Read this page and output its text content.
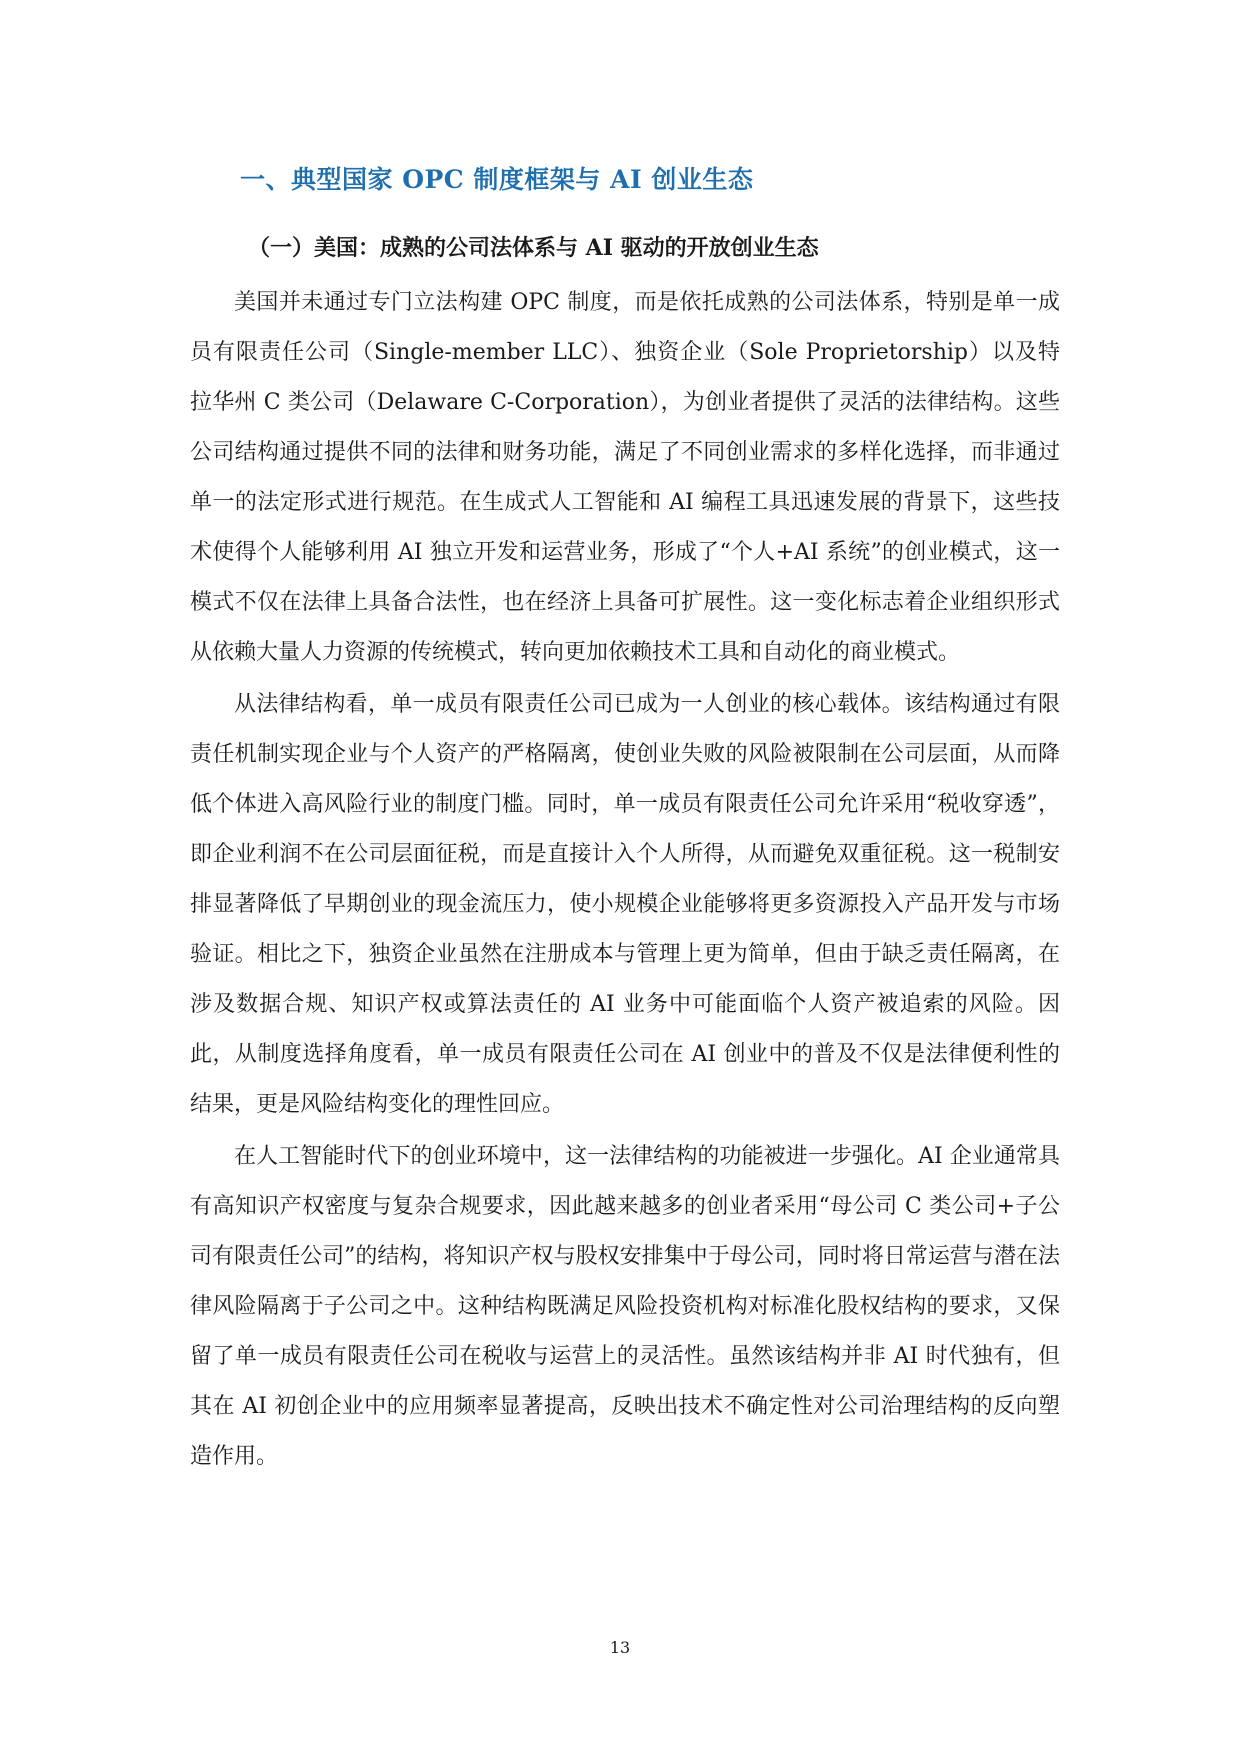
一、典型国家 OPC 制度框架与 AI 创业生态
（一）美国：成熟的公司法体系与 AI 驱动的开放创业生态

美国并未通过专门立法构建 OPC 制度，而是依托成熟的公司法体系，特别是单一成员有限责任公司（Single-member LLC）、独资企业（Sole Proprietorship）以及特拉华州 C 类公司（Delaware C-Corporation），为创业者提供了灵活的法律结构。这些公司结构通过提供不同的法律和财务功能，满足了不同创业需求的多样化选择，而非通过单一的法定形式进行规范。在生成式人工智能和 AI 编程工具迅速发展的背景下，这些技术使得个人能够利用 AI 独立开发和运营业务，形成了“个人+AI 系统”的创业模式，这一模式不仅在法律上具备合法性，也在经济上具备可扩展性。这一变化标志着企业组织形式从依赖大量人力资源的传统模式，转向更加依赖技术工具和自动化的商业模式。

从法律结构看，单一成员有限责任公司已成为一人创业的核心载体。该结构通过有限责任机制实现企业与个人资产的严格隔离，使创业失败的风险被限制在公司层面，从而降低个体进入高风险行业的制度门槛。同时，单一成员有限责任公司允许采用“税收穿透”，即企业利润不在公司层面征税，而是直接计入个人所得，从而避免双重征税。这一税制安排显著降低了早期创业的现金流压力，使小规模企业能够将更多资源投入产品开发与市场验证。相比之下，独资企业虽然在注册成本与管理上更为简单，但由于缺乏责任隔离，在涉及数据合规、知识产权或算法责任的 AI 业务中可能面临个人资产被追索的风险。因此，从制度选择角度看，单一成员有限责任公司在 AI 创业中的普及不仅是法律便利性的结果，更是风险结构变化的理性回应。

在人工智能时代下的创业环境中，这一法律结构的功能被进一步强化。AI 企业通常具有高知识产权密度与复杂合规要求，因此越来越多的创业者采用“母公司 C 类公司+子公司有限责任公司”的结构，将知识产权与股权安排集中于母公司，同时将日常运营与潜在法律风险隔离于子公司之中。这种结构既满足风险投资机构对标准化股权结构的要求，又保留了单一成员有限责任公司在税收与运营上的灵活性。虽然该结构并非 AI 时代独有，但其在 AI 初创企业中的应用频率显著提高，反映出技术不确定性对公司治理结构的反向塑造作用。

13
